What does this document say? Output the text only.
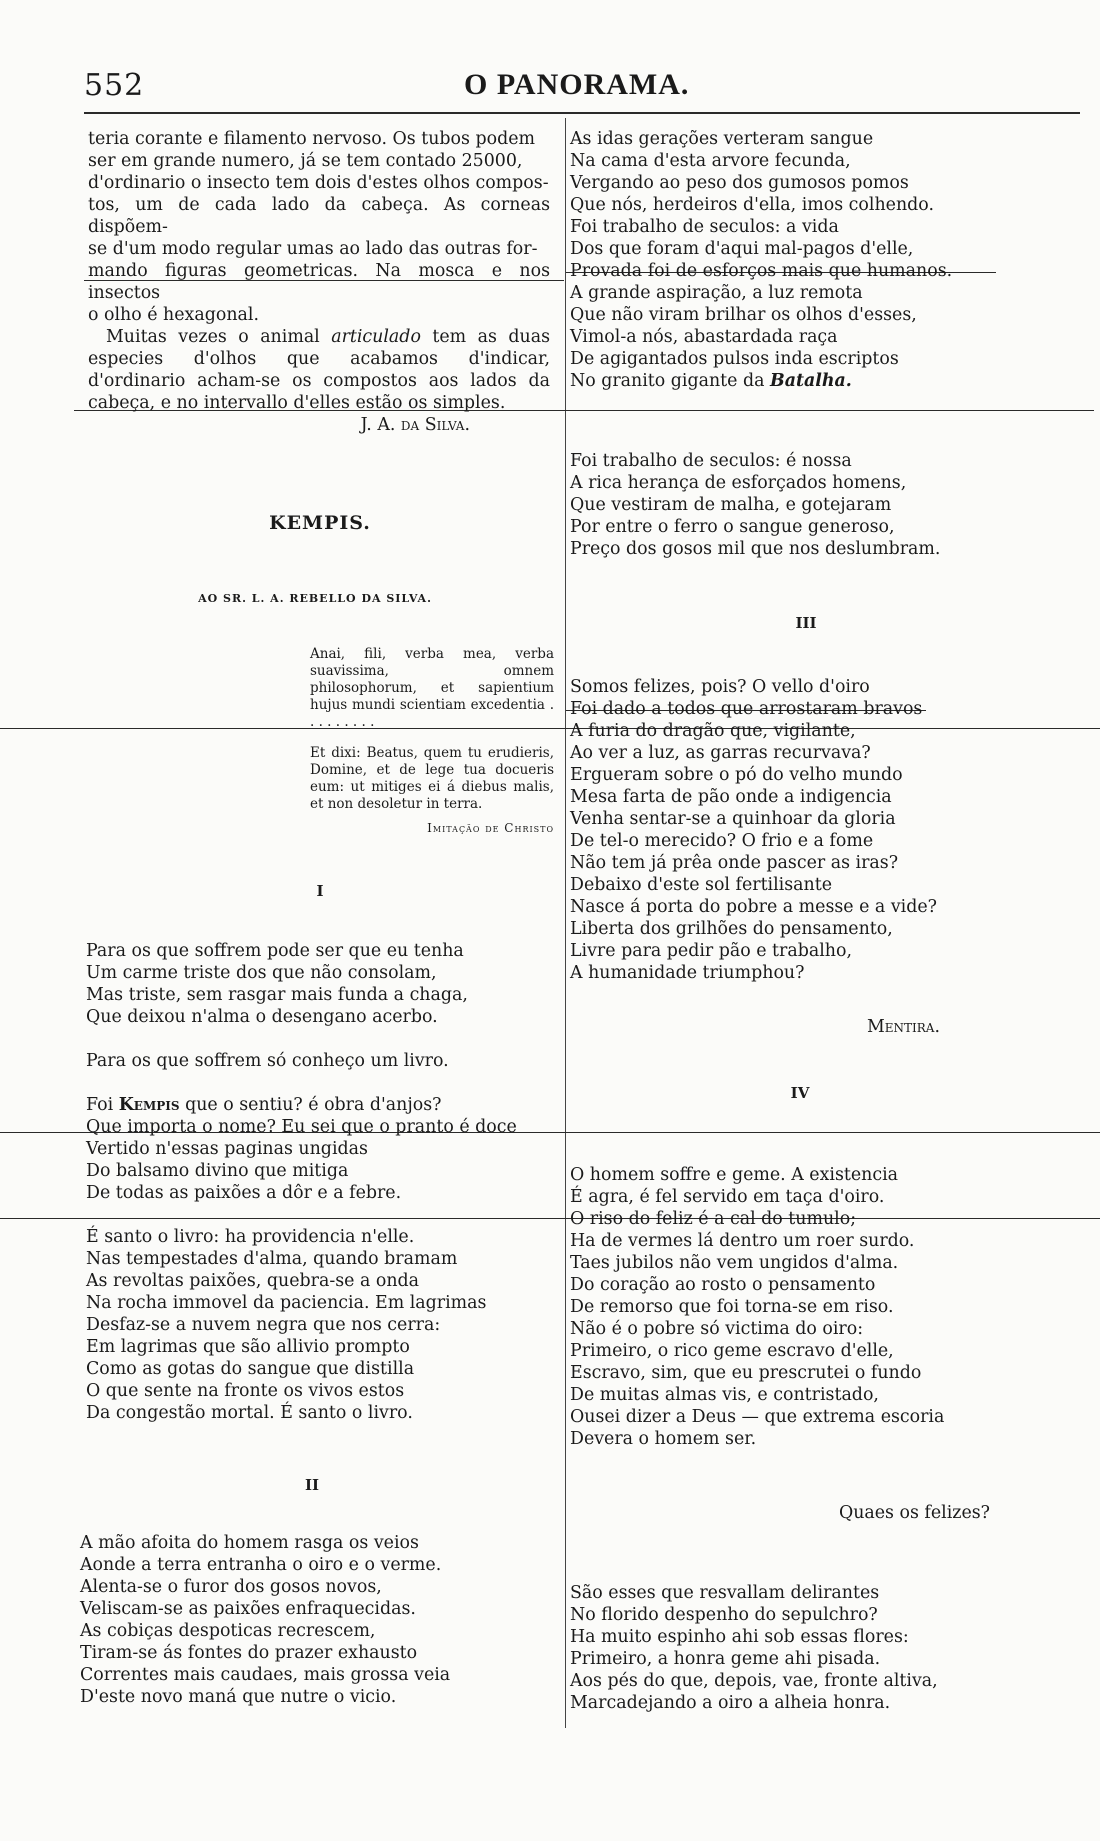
552	O PANORAMA.

teria corante e filamento nervoso. Os tubos podem

ser em grande numero, já se tem contado 25000,

d'ordinario o insecto tem dois d'estes olhos compos-

tos, um de cada lado da cabeça. As corneas dispõem-

se d'um modo regular umas ao lado das outras for-

mando figuras geometricas. Na mosca e nos insectos

o olho é hexagonal.

Muitas vezes o animal articulado tem as duas especies d'olhos que acabamos d'indicar, d'ordinario acham-se os compostos aos lados da cabeça, e no intervallo d'elles estão os simples.

J. A. da Silva.

KEMPIS.
AO SR. L. A. REBELLO DA SILVA.

Anai, fili, verba mea, verba suavissima, omnem philosophorum, et sapientium hujus mundi scientiam excedentia . . . . . . . . .

Et dixi: Beatus, quem tu erudieris, Domine, et de lege tua docueris eum: ut mitiges ei á diebus malis, et non desoletur in terra.

Imitação de Christo

I

Para os que soffrem pode ser que eu tenha

Um carme triste dos que não consolam,

Mas triste, sem rasgar mais funda a chaga,

Que deixou n'alma o desengano acerbo.

Para os que soffrem só conheço um livro.

Foi Kempis que o sentiu? é obra d'anjos?

Que importa o nome? Eu sei que o pranto é doce

Vertido n'essas paginas ungidas

Do balsamo divino que mitiga

De todas as paixões a dôr e a febre.

É santo o livro: ha providencia n'elle.

Nas tempestades d'alma, quando bramam

As revoltas paixões, quebra-se a onda

Na rocha immovel da paciencia. Em lagrimas

Desfaz-se a nuvem negra que nos cerra:

Em lagrimas que são allivio prompto

Como as gotas do sangue que distilla

O que sente na fronte os vivos estos

Da congestão mortal. É santo o livro.

II

A mão afoita do homem rasga os veios

Aonde a terra entranha o oiro e o verme.

Alenta-se o furor dos gosos novos,

Veliscam-se as paixões enfraquecidas.

As cobiças despoticas recrescem,

Tiram-se ás fontes do prazer exhausto

Correntes mais caudaes, mais grossa veia

D'este novo maná que nutre o vicio.

As idas gerações verteram sangue

Na cama d'esta arvore fecunda,

Vergando ao peso dos gumosos pomos

Que nós, herdeiros d'ella, imos colhendo.

Foi trabalho de seculos: a vida

Dos que foram d'aqui mal-pagos d'elle,

Provada foi de esforços mais que humanos.

A grande aspiração, a luz remota

Que não viram brilhar os olhos d'esses,

Vimol-a nós, abastardada raça

De agigantados pulsos inda escriptos

No granito gigante da Batalha.

Foi trabalho de seculos: é nossa

A rica herança de esforçados homens,

Que vestiram de malha, e gotejaram

Por entre o ferro o sangue generoso,

Preço dos gosos mil que nos deslumbram.

III

Somos felizes, pois? O vello d'oiro

Foi dado a todos que arrostaram bravos

A furia do dragão que, vigilante,

Ao ver a luz, as garras recurvava?

Ergueram sobre o pó do velho mundo

Mesa farta de pão onde a indigencia

Venha sentar-se a quinhoar da gloria

De tel-o merecido? O frio e a fome

Não tem já prêa onde pascer as iras?

Debaixo d'este sol fertilisante

Nasce á porta do pobre a messe e a vide?

Liberta dos grilhões do pensamento,

Livre para pedir pão e trabalho,

A humanidade triumphou?

Mentira.
IV

O homem soffre e geme. A existencia

É agra, é fel servido em taça d'oiro.

O riso do feliz é a cal do tumulo;

Ha de vermes lá dentro um roer surdo.

Taes jubilos não vem ungidos d'alma.

Do coração ao rosto o pensamento

De remorso que foi torna-se em riso.

Não é o pobre só victima do oiro:

Primeiro, o rico geme escravo d'elle,

Escravo, sim, que eu prescrutei o fundo

De muitas almas vis, e contristado,

Ousei dizer a Deus — que extrema escoria

Devera o homem ser.

Quaes os felizes?

São esses que resvallam delirantes

No florido despenho do sepulchro?

Ha muito espinho ahi sob essas flores:

Primeiro, a honra geme ahi pisada.

Aos pés do que, depois, vae, fronte altiva,

Marcadejando a oiro a alheia honra.
